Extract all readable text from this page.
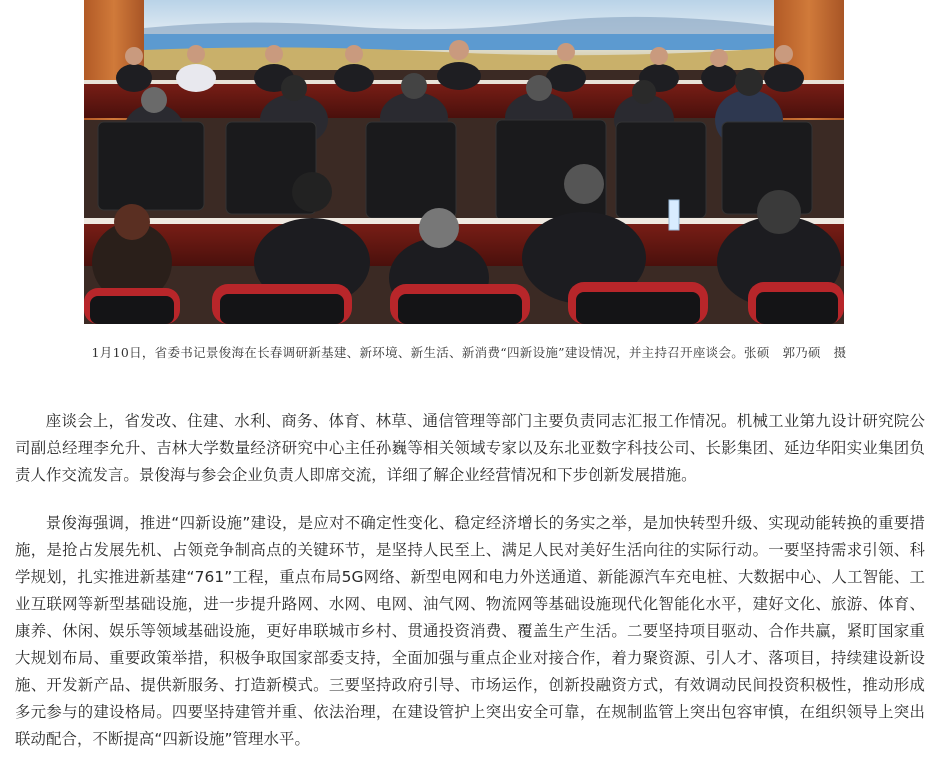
1月10日，省委书记景俊海在长春调研新基建、新环境、新生活、新消费“四新设施”建设情况，并主持召开座谈会。张硕　郭乃硕　摄

座谈会上，省发改、住建、水利、商务、体育、林草、通信管理等部门主要负责同志汇报工作情况。机械工业第九设计研究院公司副总经理李允升、吉林大学数量经济研究中心主任孙巍等相关领域专家以及东北亚数字科技公司、长影集团、延边华阳实业集团负责人作交流发言。景俊海与参会企业负责人即席交流，详细了解企业经营情况和下步创新发展措施。

景俊海强调，推进“四新设施”建设，是应对不确定性变化、稳定经济增长的务实之举，是加快转型升级、实现动能转换的重要措施，是抢占发展先机、占领竞争制高点的关键环节，是坚持人民至上、满足人民对美好生活向往的实际行动。一要坚持需求引领、科学规划，扎实推进新基建“761”工程，重点布局5G网络、新型电网和电力外送通道、新能源汽车充电桩、大数据中心、人工智能、工业互联网等新型基础设施，进一步提升路网、水网、电网、油气网、物流网等基础设施现代化智能化水平，建好文化、旅游、体育、康养、休闲、娱乐等领域基础设施，更好串联城市乡村、贯通投资消费、覆盖生产生活。二要坚持项目驱动、合作共赢，紧盯国家重大规划布局、重要政策举措，积极争取国家部委支持，全面加强与重点企业对接合作，着力聚资源、引人才、落项目，持续建设新设施、开发新产品、提供新服务、打造新模式。三要坚持政府引导、市场运作，创新投融资方式，有效调动民间投资积极性，推动形成多元参与的建设格局。四要坚持建管并重、依法治理，在建设管护上突出安全可靠，在规制监管上突出包容审慎，在组织领导上突出联动配合，不断提高“四新设施”管理水平。
